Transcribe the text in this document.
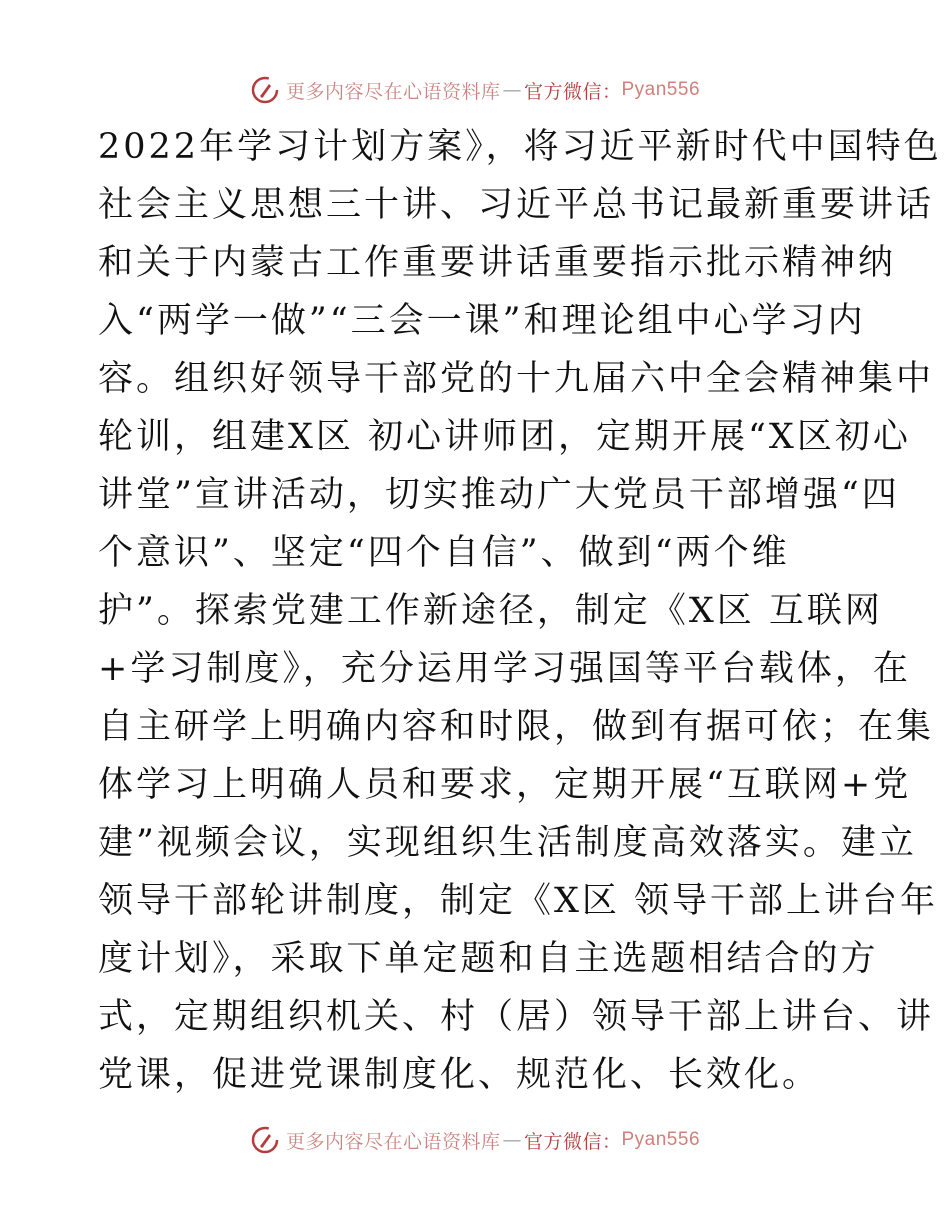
更多内容尽在心语资料库 — 官方微信： Pyan556
2022年学习计划方案》，将习近平新时代中国特色
社会主义思想三十讲、习近平总书记最新重要讲话
和关于内蒙古工作重要讲话重要指示批示精神纳
入“两学一做”“三会一课”和理论组中心学习内
容。组织好领导干部党的十九届六中全会精神集中
轮训，组建X区 初心讲师团，定期开展“X区初心
讲堂”宣讲活动，切实推动广大党员干部增强“四
个意识”、坚定“四个自信”、做到“两个维
护”。探索党建工作新途径，制定《X区 互联网
+学习制度》，充分运用学习强国等平台载体，在
自主研学上明确内容和时限，做到有据可依；在集
体学习上明确人员和要求，定期开展“互联网+党
建”视频会议，实现组织生活制度高效落实。建立
领导干部轮讲制度，制定《X区 领导干部上讲台年
度计划》，采取下单定题和自主选题相结合的方
式，定期组织机关、村（居）领导干部上讲台、讲
党课，促进党课制度化、规范化、长效化。
更多内容尽在心语资料库 — 官方微信： Pyan556
